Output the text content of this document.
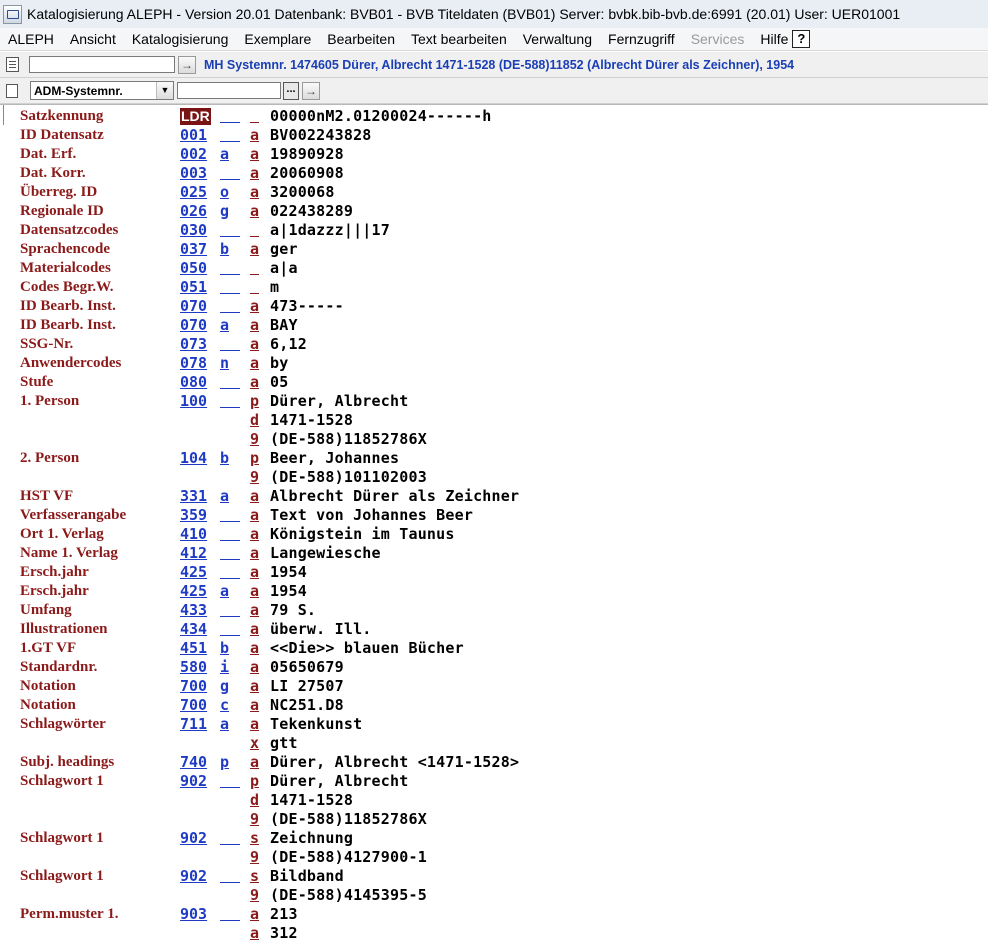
Katalogisierung ALEPH - Version 20.01 Datenbank: BVB01 - BVB Titeldaten (BVB01) Server: bvbk.bib-bvb.de:6991 (20.01) User: UER01001
ALEPH	Ansicht	Katalogisierung	Exemplare	Bearbeiten	Text bearbeiten	Verwaltung	Fernzugriff	Services	Hilfe ?
→ MH Systemnr. 1474605 Dürer, Albrecht 1471-1528 (DE-588)11852 (Albrecht Dürer als Zeichner), 1954
ADM-Systemnr.	▼	... →
Satzkennung	LDR	00000nM2.01200024------h
ID Datensatz	001	a BV002243828
Dat. Erf.	002 a	a 19890928
Dat. Korr.	003	a 20060908
Überreg. ID	025 o	a 3200068
Regionale ID	026 g	a 022438289
Datensatzcodes	030	a|1dazzz|||17
Sprachencode	037 b	a ger
Materialcodes	050	a|a
Codes Begr.W.	051	m
ID Bearb. Inst.	070	a 473-----
ID Bearb. Inst.	070 a	a BAY
SSG-Nr.	073	a 6,12
Anwendercodes	078 n	a by
Stufe	080	a 05
1. Person	100	p Dürer, Albrecht
d 1471-1528
9 (DE-588)11852786X
2. Person	104 b	p Beer, Johannes
9 (DE-588)101102003
HST VF	331 a	a Albrecht Dürer als Zeichner
Verfasserangabe	359	a Text von Johannes Beer
Ort 1. Verlag	410	a Königstein im Taunus
Name 1. Verlag	412	a Langewiesche
Ersch.jahr	425	a 1954
Ersch.jahr	425 a	a 1954
Umfang	433	a 79 S.
Illustrationen	434	a überw. Ill.
1.GT VF	451 b	a <<Die>> blauen Bücher
Standardnr.	580 i	a 05650679
Notation	700 g	a LI 27507
Notation	700 c	a NC251.D8
Schlagwörter	711 a	a Tekenkunst
x gtt
Subj. headings	740 p	a Dürer, Albrecht <1471-1528>
Schlagwort 1	902	p Dürer, Albrecht
d 1471-1528
9 (DE-588)11852786X
Schlagwort 1	902	s Zeichnung
9 (DE-588)4127900-1
Schlagwort 1	902	s Bildband
9 (DE-588)4145395-5
Perm.muster 1.	903	a 213
a 312
